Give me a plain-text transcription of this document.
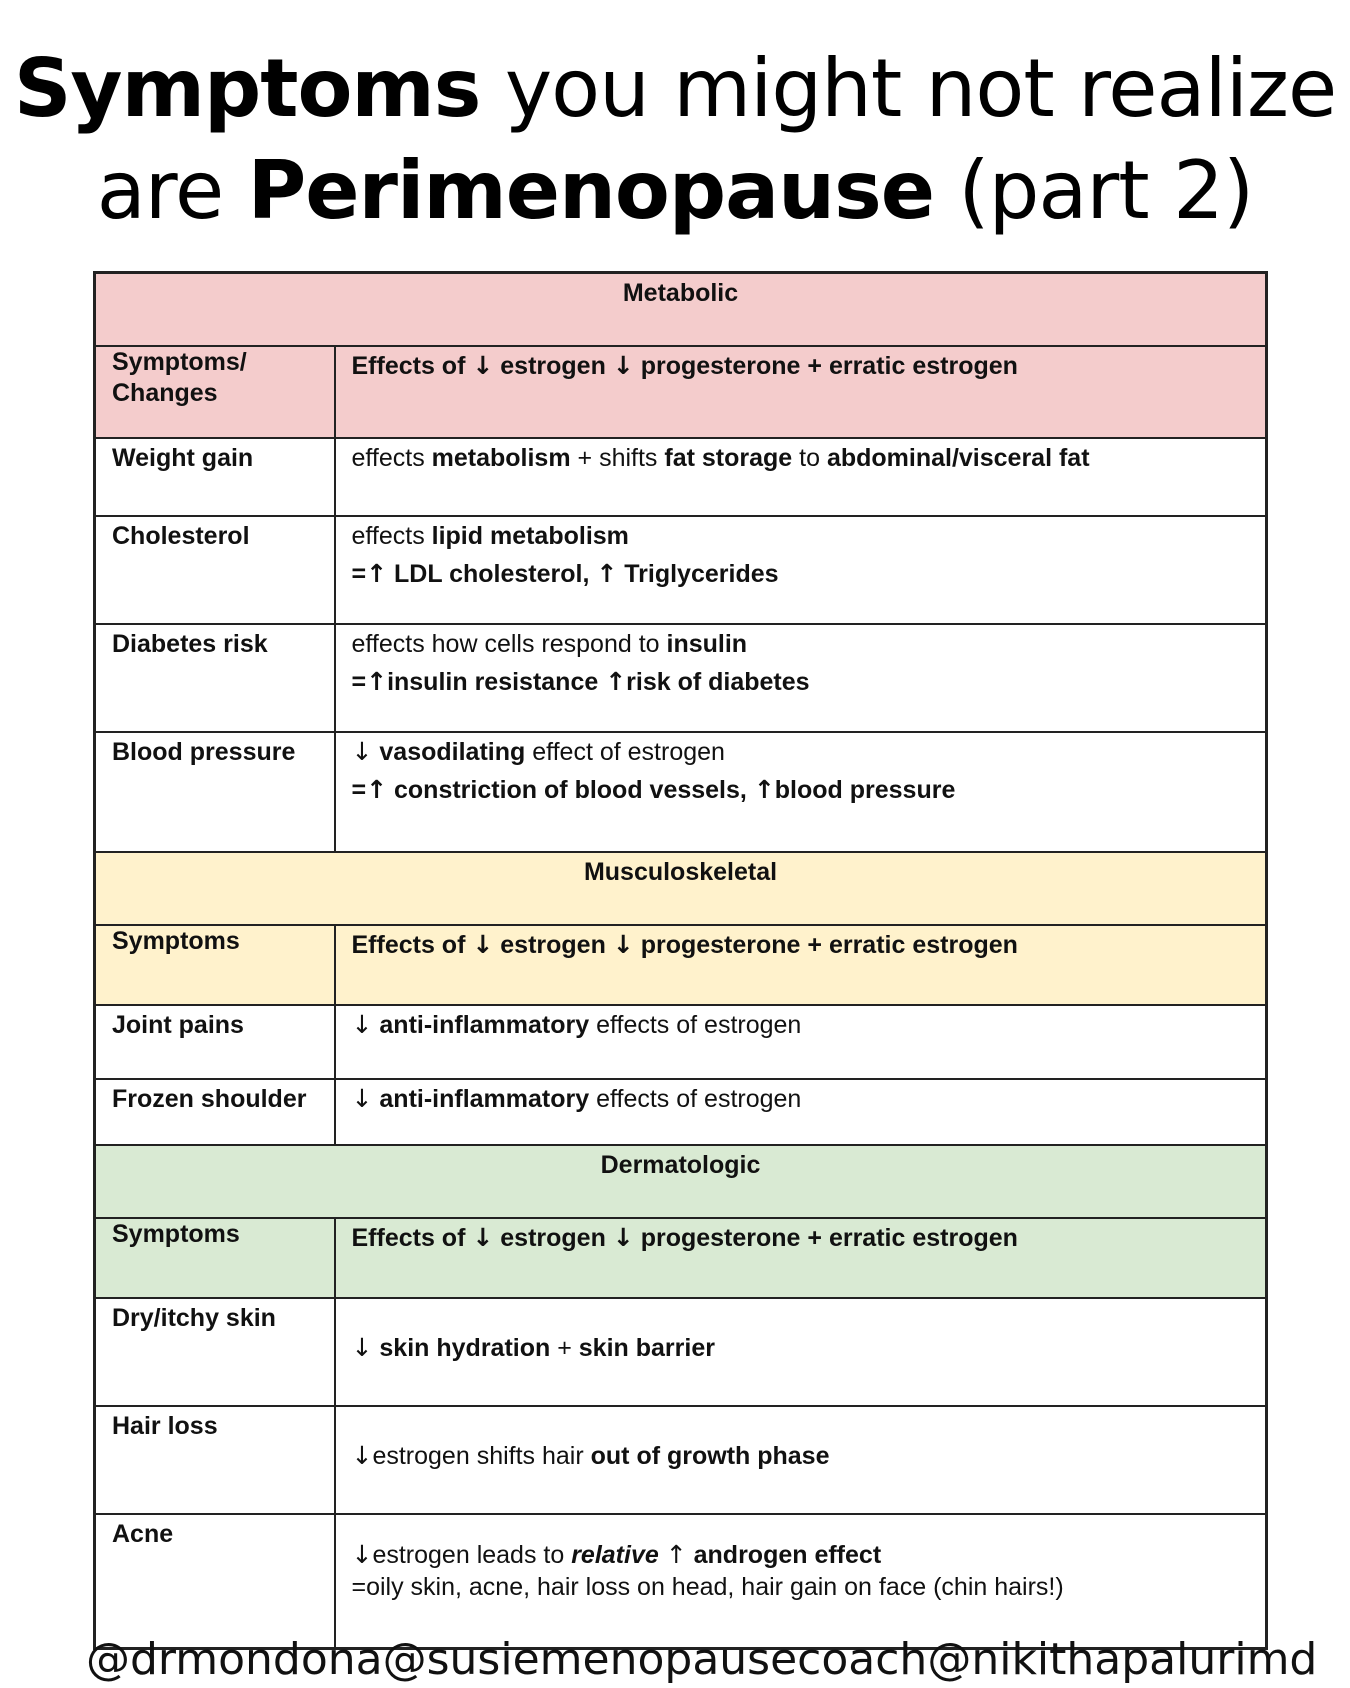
Symptoms you might not realize
are Perimenopause (part 2)
Metabolic	
Symptoms/ Changes	Effects of ↓ estrogen ↓ progesterone + erratic estrogen
Weight gain	effects metabolism + shifts fat storage to abdominal/visceral fat
Cholesterol	effects lipid metabolism
=↑ LDL cholesterol, ↑ Triglycerides

Diabetes risk	effects how cells respond to insulin
=↑insulin resistance ↑risk of diabetes

Blood pressure	↓ vasodilating effect of estrogen
=↑ constriction of blood vessels, ↑blood pressure

Musculoskeletal	
Symptoms	Effects of ↓ estrogen ↓ progesterone + erratic estrogen
Joint pains	↓ anti-inflammatory effects of estrogen
Frozen shoulder	↓ anti-inflammatory effects of estrogen
Dermatologic	
Symptoms	Effects of ↓ estrogen ↓ progesterone + erratic estrogen
Dry/itchy skin	↓ skin hydration + skin barrier
Hair loss	↓estrogen shifts hair out of growth phase
Acne	↓estrogen leads to relative ↑ androgen effect
=oily skin, acne, hair loss on head, hair gain on face (chin hairs!)
@drmondona @susiemenopausecoach @nikithapalurimd
